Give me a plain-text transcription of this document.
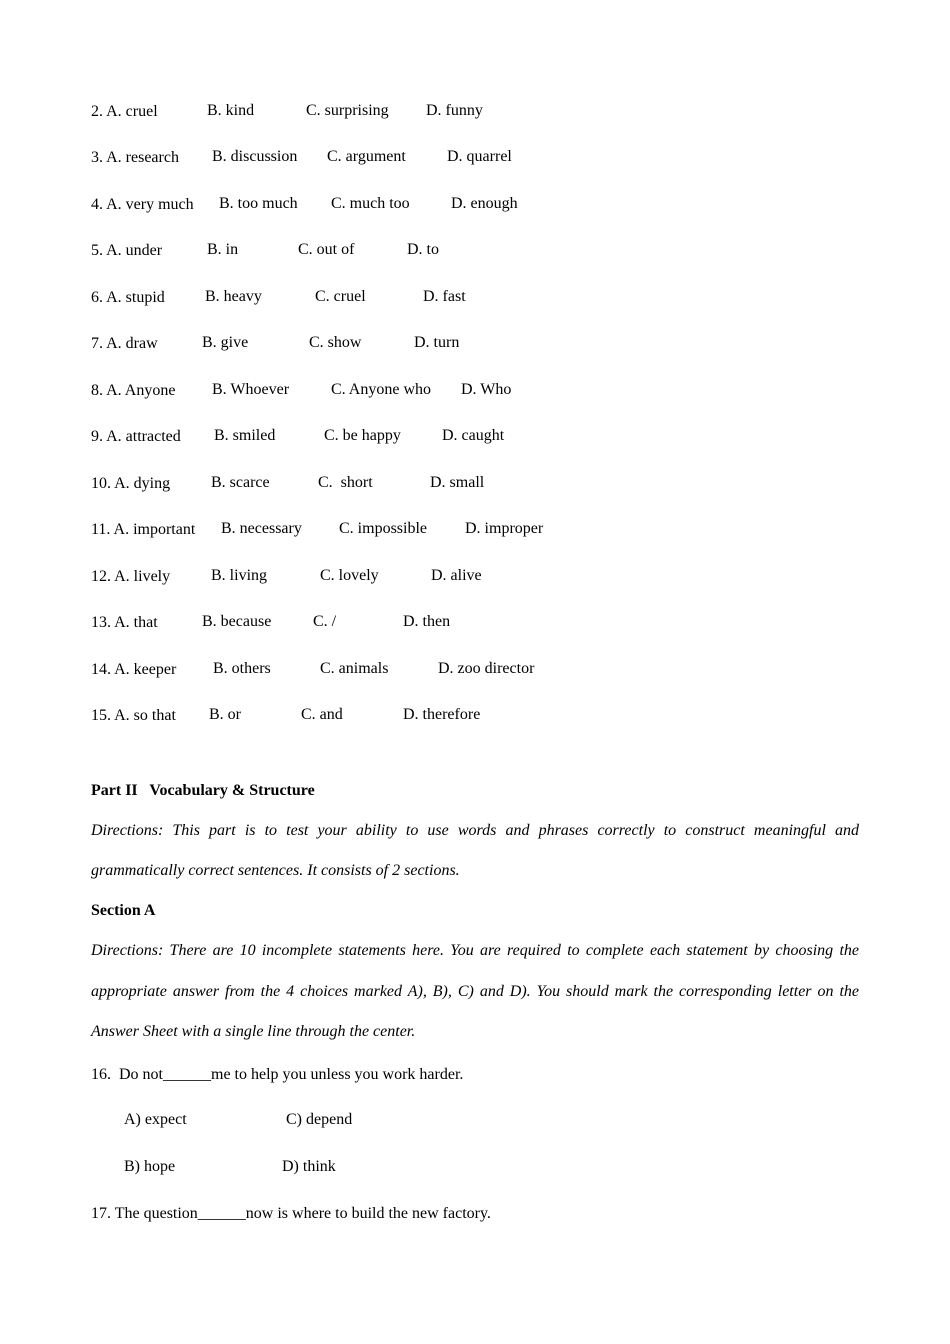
2. A. cruel	B. kind	C. surprising D. funny
3. A. research B. discussion C. argument	D. quarrel
4. A. very much B. too much C. much too	D. enough
5. A. under	B. in	C. out of	D. to
6. A. stupid	B. heavy	C. cruel	D. fast
7. A. draw	B. give	C. show	D. turn
8. A. Anyone B. Whoever	C. Anyone who D. Who
9. A. attracted B. smiled	C. be happy	D. caught
10. A. dying	B. scarce	C.  short	D. small
11. A. important B. necessary C. impossible D. improper
12. A. lively	B. living	C. lovely	D. alive
13. A. that	B. because	C. /	D. then
14. A. keeper B. others	C. animals	D. zoo director
15. A. so that B. or	C. and	D. therefore
Part II   Vocabulary & Structure
Directions: This part is to test your ability to use words and phrases correctly to construct meaningful and
grammatically correct sentences. It consists of 2 sections.
Section A
Directions: There are 10 incomplete statements here. You are required to complete each statement by choosing the
appropriate answer from the 4 choices marked A), B), C) and D). You should mark the corresponding letter on the
Answer Sheet with a single line through the center.
16.  Do not______me to help you unless you work harder.
A) expect	C) depend
B) hope	D) think
17. The question______now is where to build the new factory.
